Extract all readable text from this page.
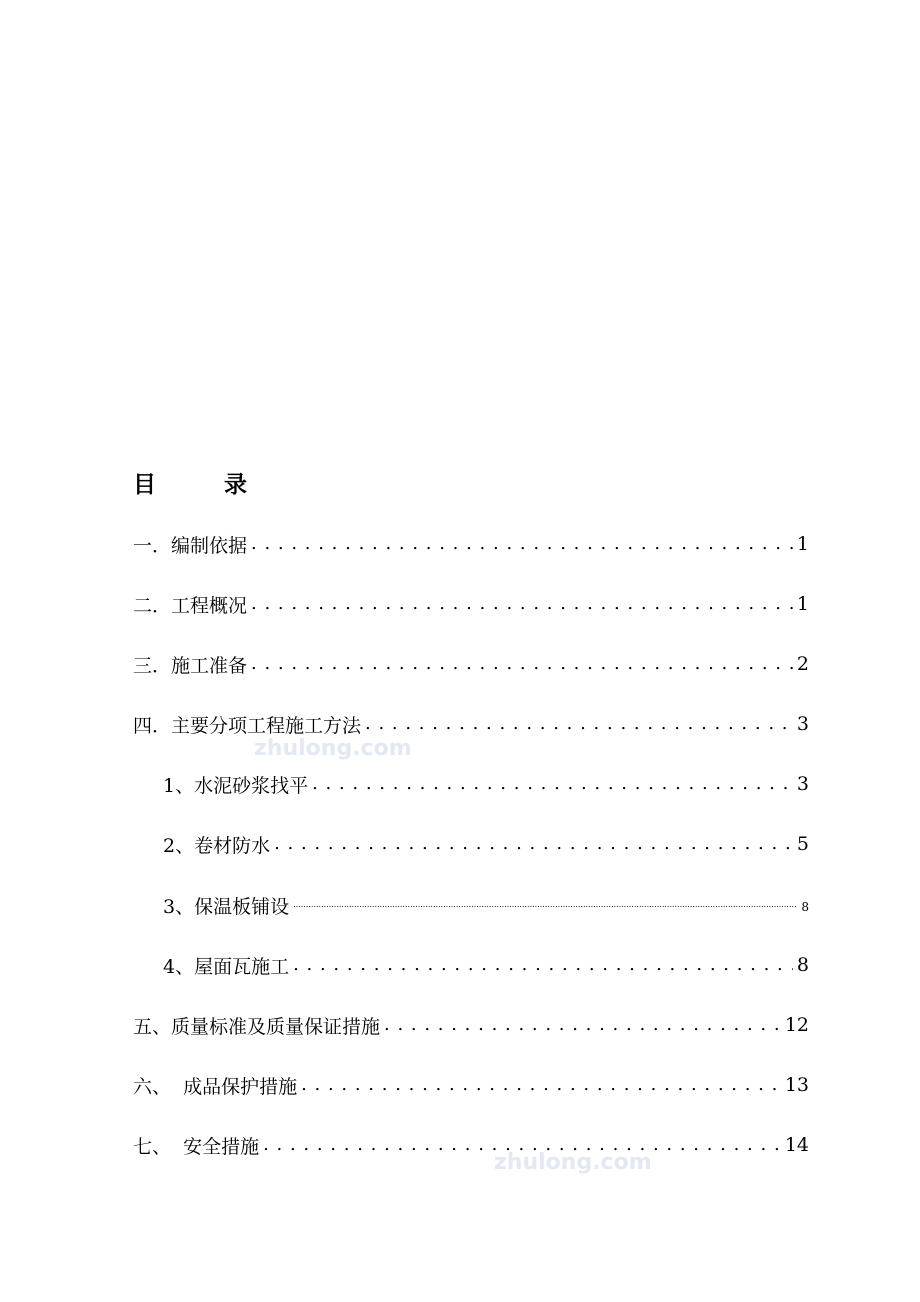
目 录
一．编制依据 . . .	1
二．工程概况 . . .	1
三．施工准备 . . .	2
四．主要分项工程施工方法 . . .	3
1、水泥砂浆找平 . . .	3
2、卷材防水 . . .	5
3、保温板铺设 .....	8
4、屋面瓦施工 . . .	8
五、质量标准及质量保证措施 . . .	12
六、  成品保护措施 . . .	13
七、  安全措施 . . .	14
zhulong.com
zhulong.com
